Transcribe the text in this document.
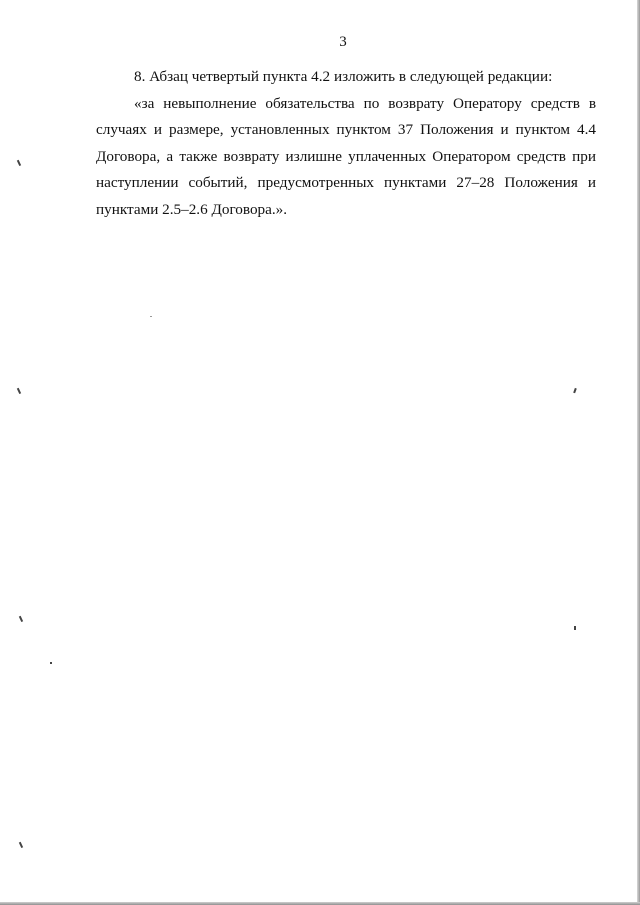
3

8. Абзац четвертый пункта 4.2 изложить в следующей редакции:

«за невыполнение обязательства по возврату Оператору средств в случаях и размере, установленных пунктом 37 Положения и пунктом 4.4 Договора, а также возврату излишне уплаченных Оператором средств при наступлении событий, предусмотренных пунктами 27–28 Положения и пунктами 2.5–2.6 Договора.».
